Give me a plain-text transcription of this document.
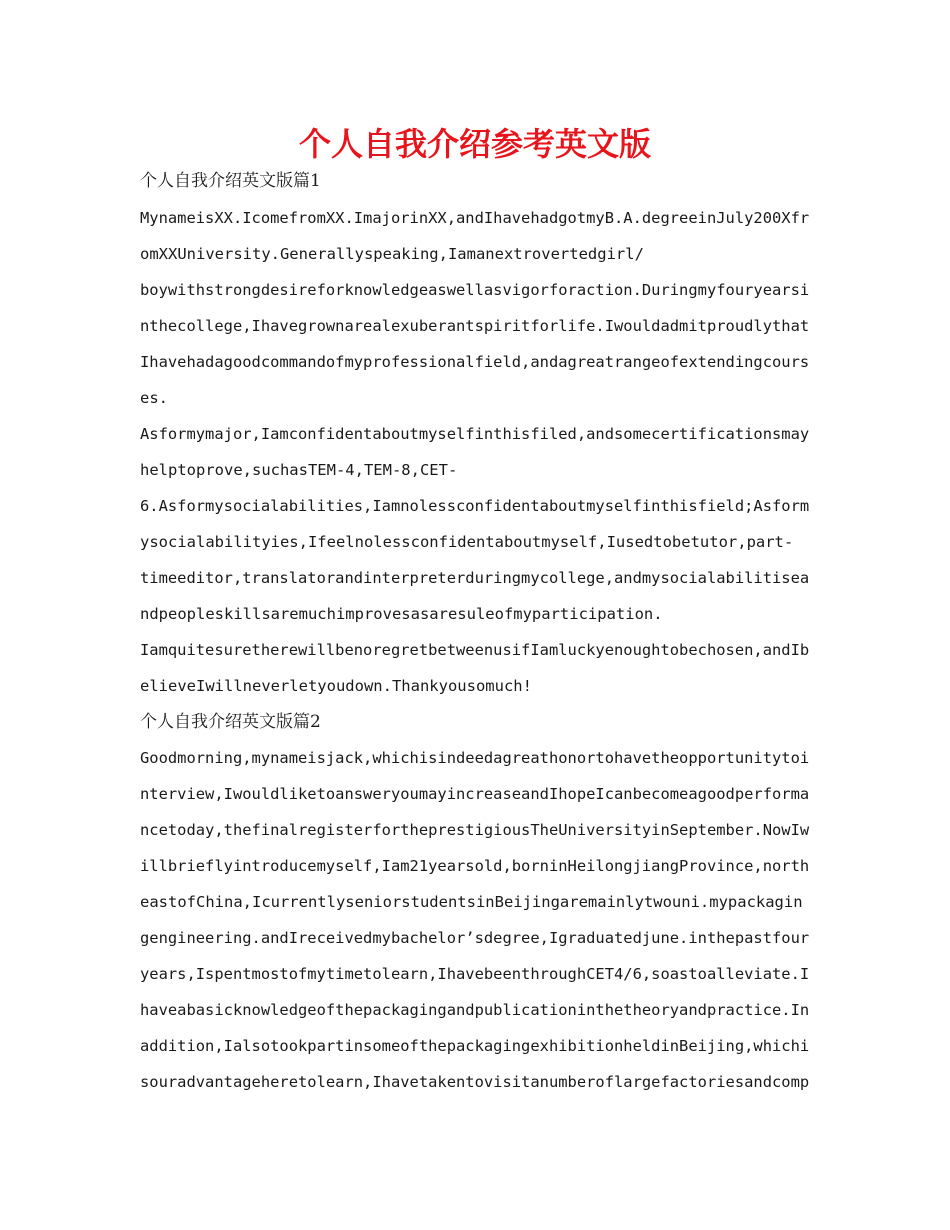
个人自我介绍参考英文版
个人自我介绍英文版篇1
MynameisXX.IcomefromXX.ImajorinXX,andIhavehadgotmyB.A.degreeinJuly200Xfr
omXXUniversity.Generallyspeaking,Iamanextrovertedgirl/
boywithstrongdesireforknowledgeaswellasvigorforaction.Duringmyfouryearsi
nthecollege,Ihavegrownarealexuberantspiritforlife.Iwouldadmitproudlythat
Ihavehadagoodcommandofmyprofessionalfield,andagreatrangeofextendingcours
es.
Asformymajor,Iamconfidentaboutmyselfinthisfiled,andsomecertificationsmay
helptoprove,suchasTEM-4,TEM-8,CET-
6.Asformysocialabilities,Iamnolessconfidentaboutmyselfinthisfield;Asform
ysocialabilityies,Ifeelnolessconfidentaboutmyself,Iusedtobetutor,part-
timeeditor,translatorandinterpreterduringmycollege,andmysocialabilitisea
ndpeopleskillsaremuchimprovesasaresuleofmyparticipation.
IamquitesuretherewillbenoregretbetweenusifIamluckyenoughtobechosen,andIb
elieveIwillneverletyoudown.Thankyousomuch!
个人自我介绍英文版篇2
Goodmorning,mynameisjack,whichisindeedagreathonortohavetheopportunitytoi
nterview,IwouldliketoansweryoumayincreaseandIhopeIcanbecomeagoodperforma
ncetoday,thefinalregisterfortheprestigiousTheUniversityinSeptember.NowIw
illbrieflyintroducemyself,Iam21yearsold,borninHeilongjiangProvince,north
eastofChina,IcurrentlyseniorstudentsinBeijingaremainlytwouni.mypackagin
gengineering.andIreceivedmybachelor’sdegree,Igraduatedjune.inthepastfour
years,Ispentmostofmytimetolearn,IhavebeenthroughCET4/6,soastoalleviate.I
haveabasicknowledgeofthepackagingandpublicationinthetheoryandpractice.In
addition,IalsotookpartinsomeofthepackagingexhibitionheldinBeijing,whichi
souradvantageheretolearn,Ihavetakentovisitanumberoflargefactoriesandcomp
